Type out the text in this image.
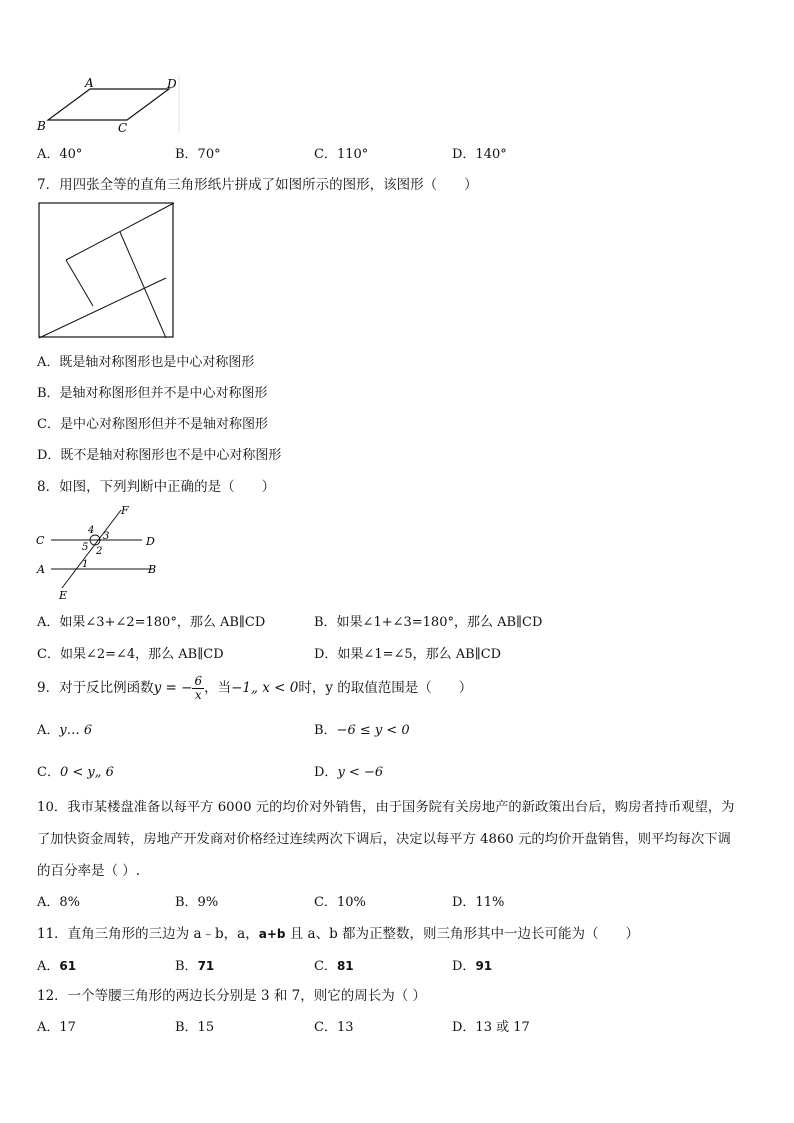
A	D
B	C
A．40°	B．70°	C．110°	D．140°
7．用四张全等的直角三角形纸片拼成了如图所示的图形，该图形（　　）
A．既是轴对称图形也是中心对称图形
B．是轴对称图形但并不是中心对称图形
C．是中心对称图形但并不是轴对称图形
D．既不是轴对称图形也不是中心对称图形
8．如图，下列判断中正确的是（　　）
F
C	D
A	B
E
4
3
5 2
1
A．如果∠3+∠2=180°，那么 AB∥CD	B．如果∠1+∠3=180°，那么 AB∥CD
C．如果∠2=∠4，那么 AB∥CD	D．如果∠1=∠5，那么 AB∥CD
9．对于反比例函数y = − $\frac{6}{x}$ ，当−1„ x < 0时，y 的取值范围是（　　）
A．y… 6	B．−6 ≤ y < 0
C．0 < y„ 6	D．y < −6
10．我市某楼盘准备以每平方 6000 元的均价对外销售，由于国务院有关房地产的新政策出台后，购房者持币观望，为
了加快资金周转，房地产开发商对价格经过连续两次下调后，决定以每平方 4860 元的均价开盘销售，则平均每次下调
的百分率是（ ）.
A．8%	B．9%	C．10%	D．11%
11．直角三角形的三边为 a﹣b，a，a+b 且 a、b 都为正整数，则三角形其中一边长可能为（　　）
A．61	B．71	C．81	D．91
12．一个等腰三角形的两边长分别是 3 和 7，则它的周长为（ ）
A．17	B．15	C．13	D．13 或 17
